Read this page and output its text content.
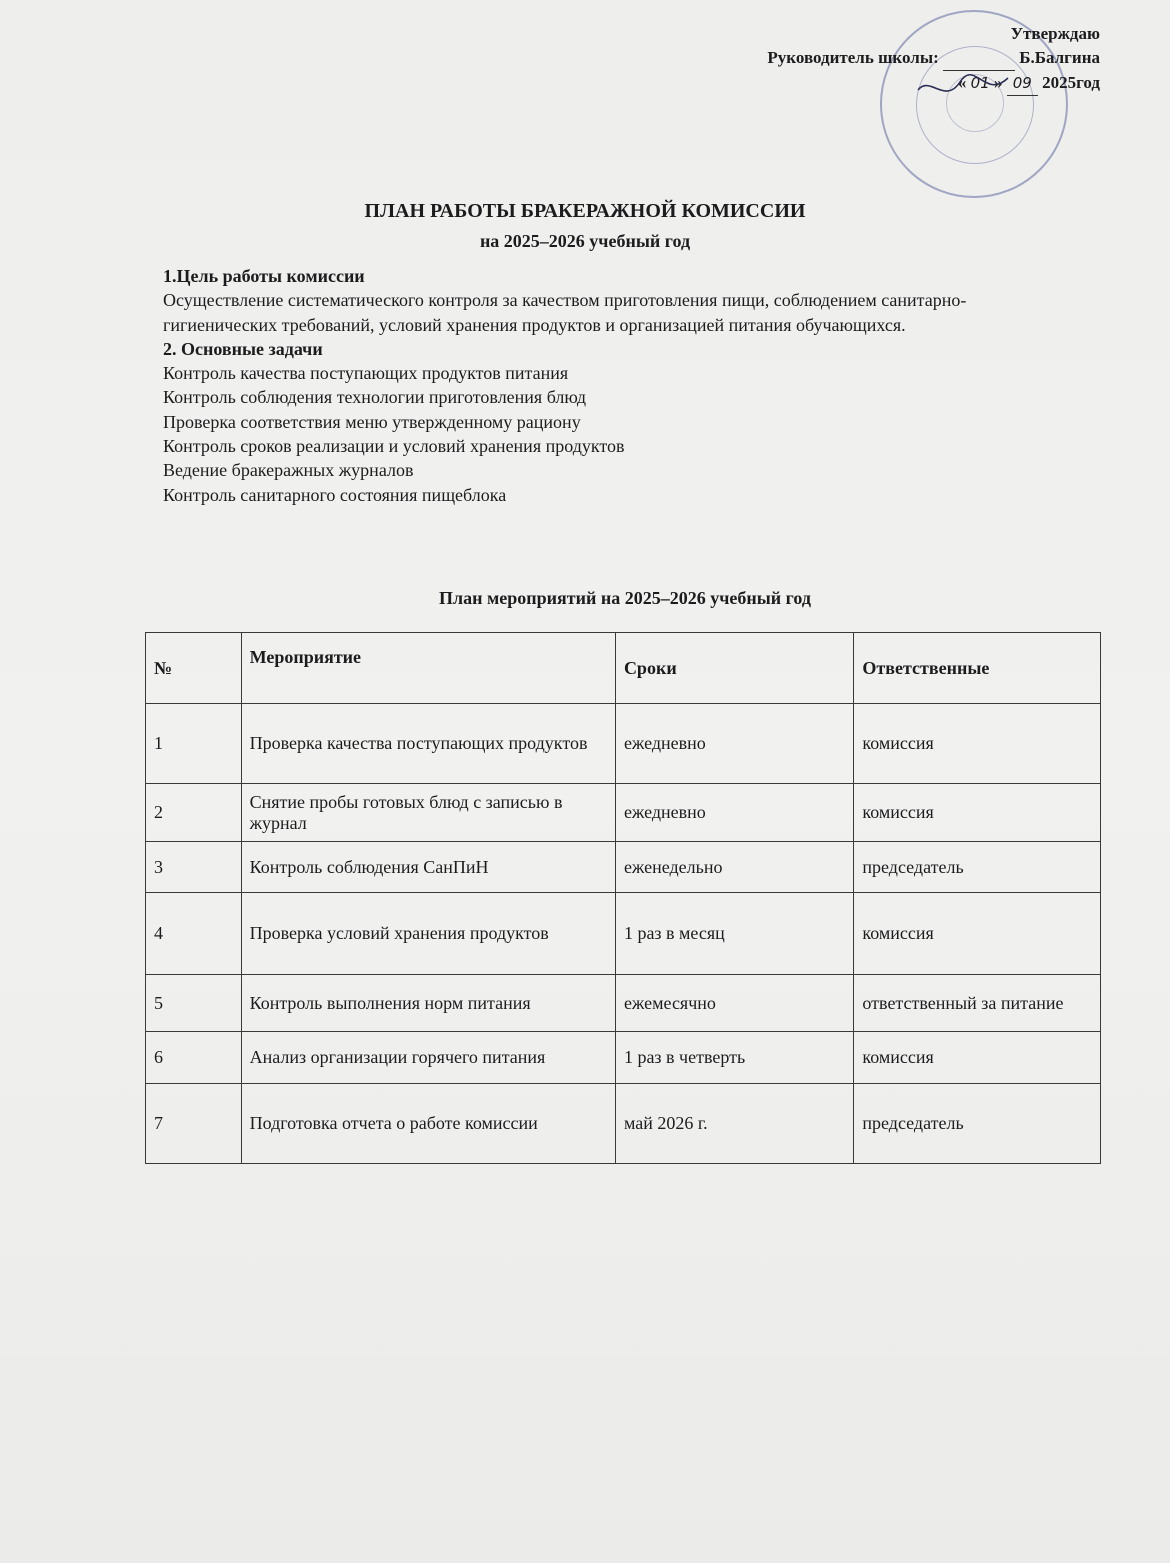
Утверждаю
Руководитель школы:	Б.Балгина
« 01 » 09 2025год
ПЛАН РАБОТЫ БРАКЕРАЖНОЙ КОМИССИИ
на 2025–2026 учебный год
1.Цель работы комиссии
Осуществление систематического контроля за качеством приготовления пищи, соблюдением санитарно-гигиенических требований, условий хранения продуктов и организацией питания обучающихся.
2. Основные задачи
Контроль качества поступающих продуктов питания
Контроль соблюдения технологии приготовления блюд
Проверка соответствия меню утвержденному рациону
Контроль сроков реализации и условий хранения продуктов
Ведение бракеражных журналов
Контроль санитарного состояния пищеблока
План мероприятий на 2025–2026 учебный год
№	Мероприятие	Сроки	Ответственные
1	Проверка качества поступающих продуктов	ежедневно	комиссия
2	Снятие пробы готовых блюд с записью в журнал	ежедневно	комиссия
3	Контроль соблюдения СанПиН	еженедельно	председатель
4	Проверка условий хранения продуктов	1 раз в месяц	комиссия
5	Контроль выполнения норм питания	ежемесячно	ответственный за питание
6	Анализ организации горячего питания	1 раз в четверть	комиссия
7	Подготовка отчета о работе комиссии	май 2026 г.	председатель
